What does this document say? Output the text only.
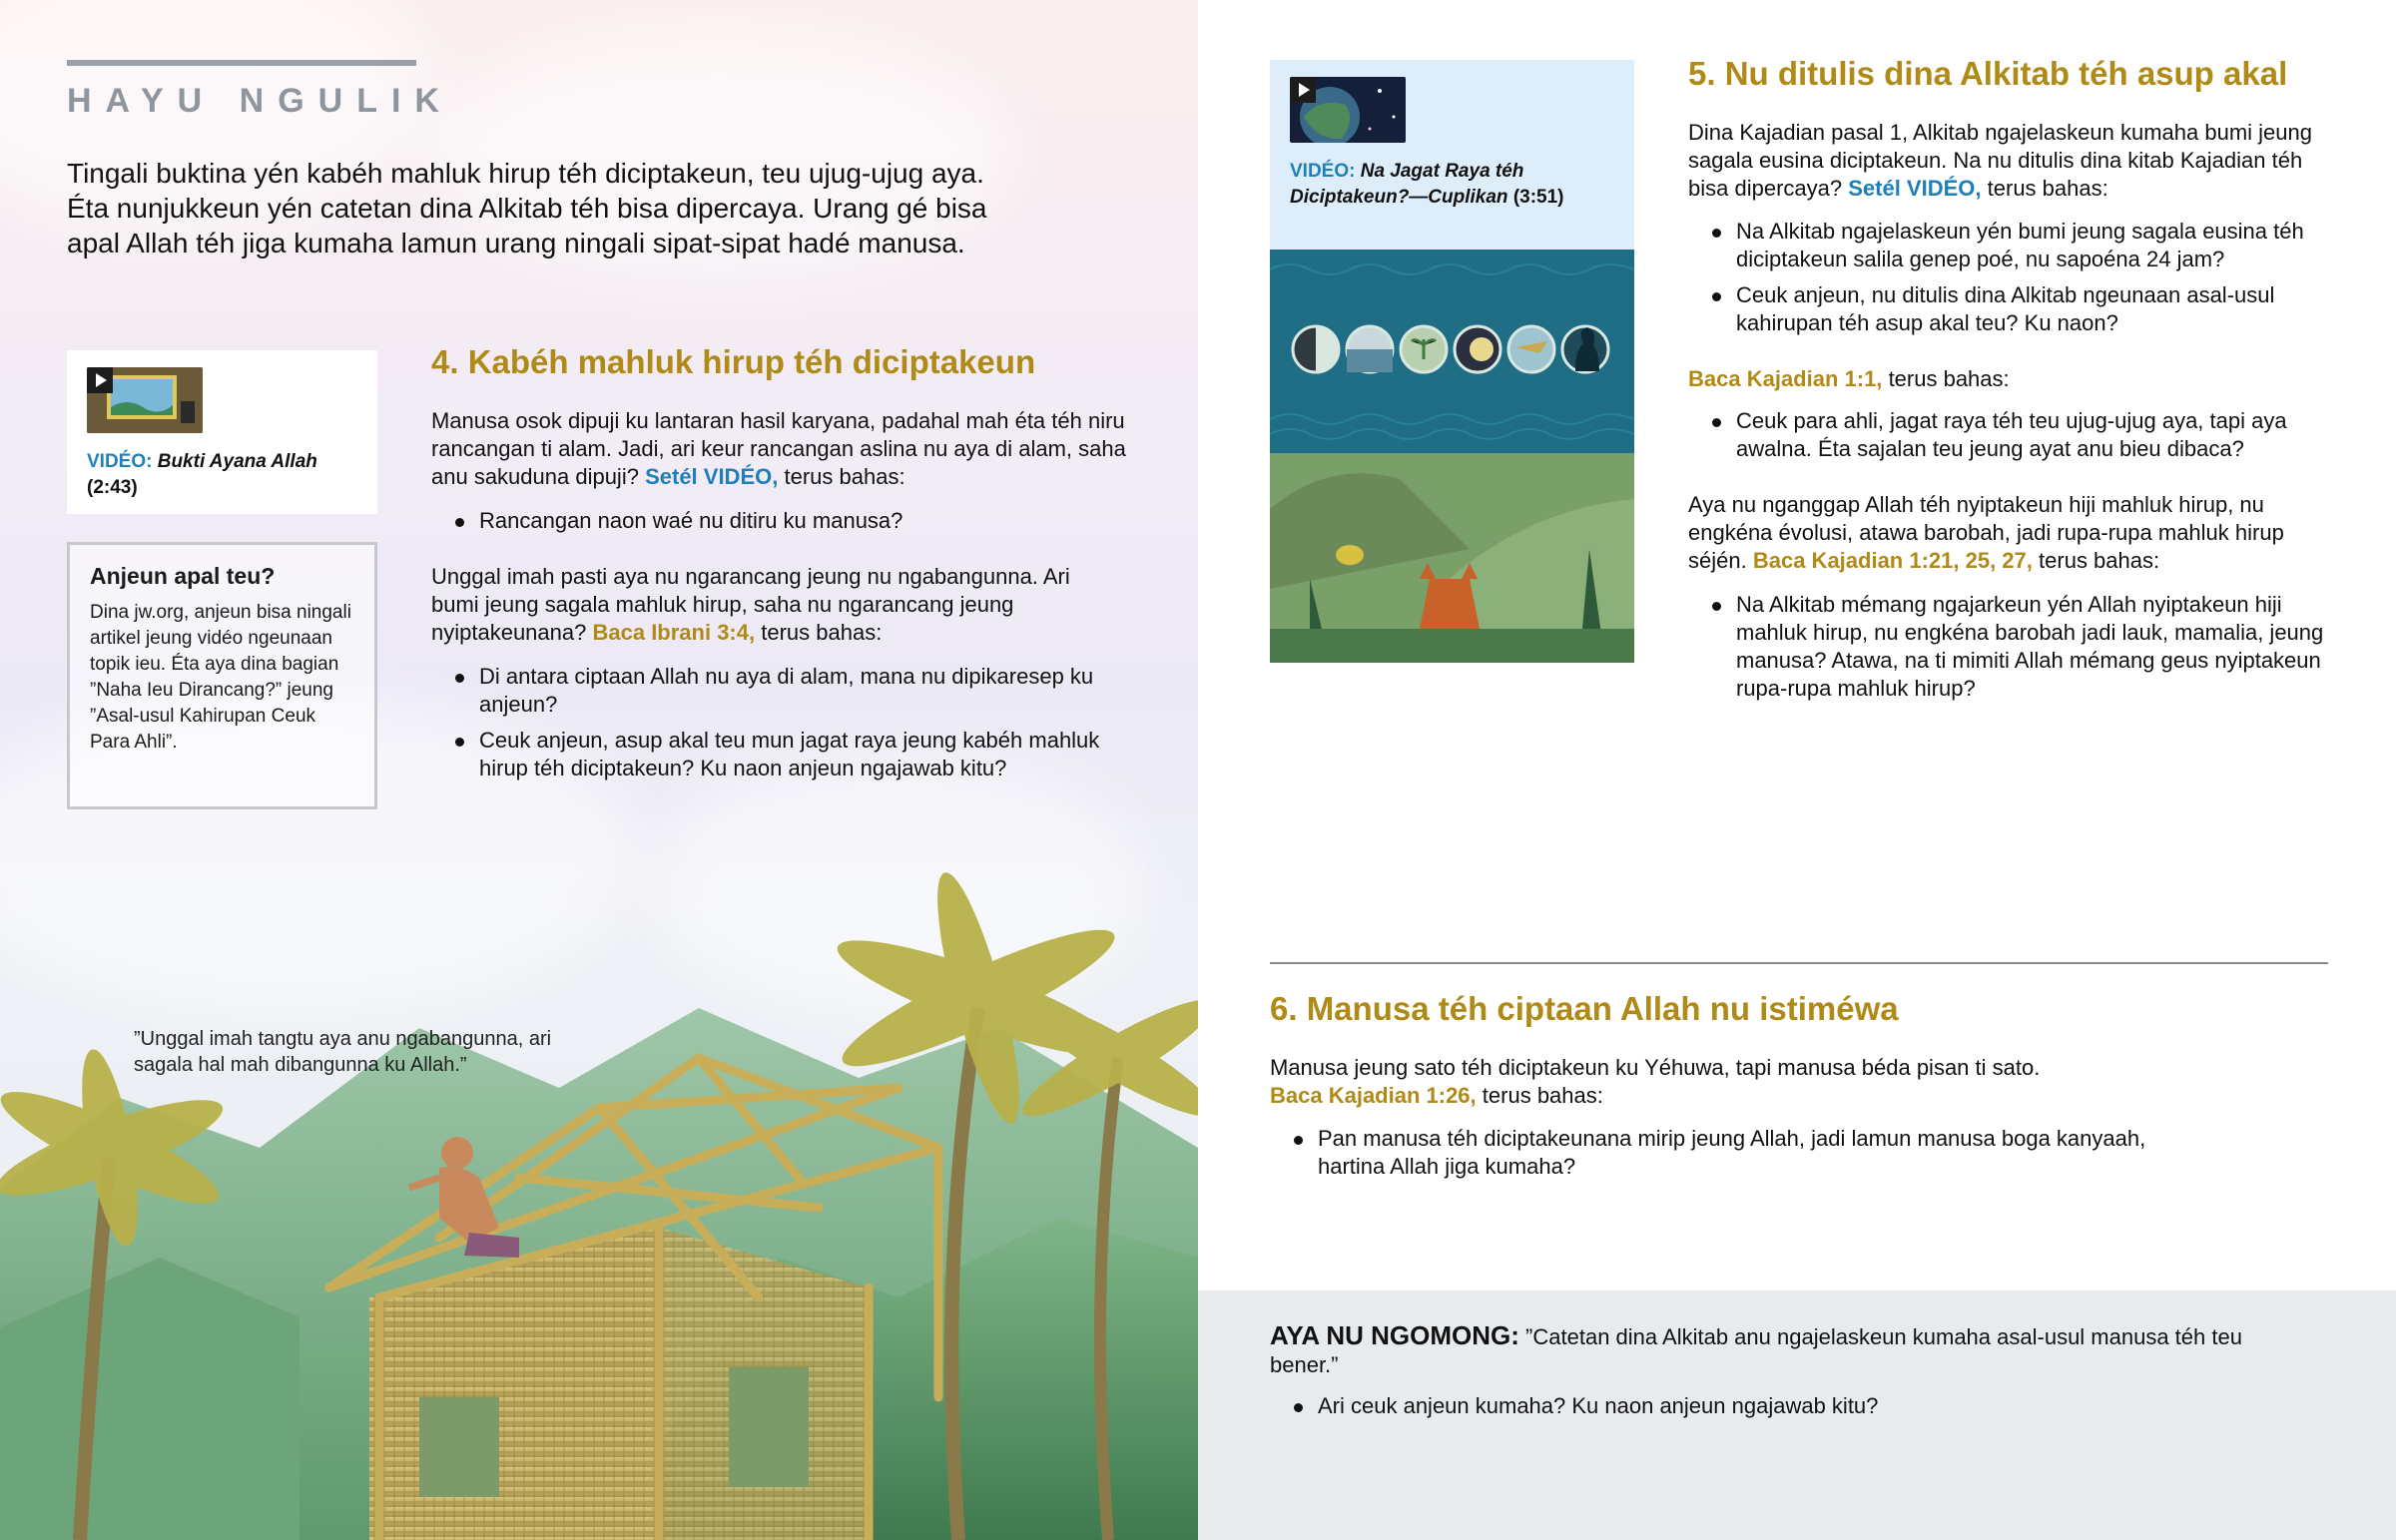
HAYU NGULIK
Tingali buktina yén kabéh mahluk hirup téh diciptakeun, teu ujug-ujug aya. Éta nunjukkeun yén catetan dina Alkitab téh bisa dipercaya. Urang gé bisa apal Allah téh jiga kumaha lamun urang ningali sipat-sipat hadé manusa.
VIDÉO: Bukti Ayana Allah
(2:43)
Anjeun apal teu?

Dina jw.org, anjeun bisa ningali artikel jeung vidéo ngeunaan topik ieu. Éta aya dina bagian ”Naha Ieu Dirancang?” jeung ”Asal-usul Kahirupan Ceuk Para Ahli”.

4. Kabéh mahluk hirup téh diciptakeun
Manusa osok dipuji ku lantaran hasil karyana, padahal mah éta téh niru rancangan ti alam. Jadi, ari keur rancangan aslina nu aya di alam, saha anu sakuduna dipuji? Setél VIDÉO, terus bahas:
Rancangan naon waé nu ditiru ku manusa?
Unggal imah pasti aya nu ngarancang jeung nu ngabangunna. Ari bumi jeung sagala mahluk hirup, saha nu ngarancang jeung nyiptakeunana? Baca Ibrani 3:4, terus bahas:
Di antara ciptaan Allah nu aya di alam, mana nu dipikaresep ku anjeun?
Ceuk anjeun, asup akal teu mun jagat raya jeung kabéh mahluk hirup téh diciptakeun? Ku naon anjeun ngajawab kitu?
”Unggal imah tangtu aya anu ngabangunna, ari sagala hal mah dibangunna ku Allah.”
VIDÉO: Na Jagat Raya téh Diciptakeun?—Cuplikan (3:51)
5. Nu ditulis dina Alkitab téh asup akal
Dina Kajadian pasal 1, Alkitab ngajelaskeun kumaha bumi jeung sagala eusina diciptakeun. Na nu ditulis dina kitab Kajadian téh bisa dipercaya? Setél VIDÉO, terus bahas:
Na Alkitab ngajelaskeun yén bumi jeung sagala eusina téh diciptakeun salila genep poé, nu sapoéna 24 jam?
Ceuk anjeun, nu ditulis dina Alkitab ngeunaan asal-usul kahirupan téh asup akal teu? Ku naon?
Baca Kajadian 1:1, terus bahas:
Ceuk para ahli, jagat raya téh teu ujug-ujug aya, tapi aya awalna. Éta sajalan teu jeung ayat anu bieu dibaca?
Aya nu nganggap Allah téh nyiptakeun hiji mahluk hirup, nu engkéna évolusi, atawa barobah, jadi rupa-rupa mahluk hirup séjén. Baca Kajadian 1:21, 25, 27, terus bahas:
Na Alkitab mémang ngajarkeun yén Allah nyiptakeun hiji mahluk hirup, nu engkéna barobah jadi lauk, mamalia, jeung manusa? Atawa, na ti mimiti Allah mémang geus nyiptakeun rupa-rupa mahluk hirup?
6. Manusa téh ciptaan Allah nu istiméwa
Manusa jeung sato téh diciptakeun ku Yéhuwa, tapi manusa béda pisan ti sato.
Baca Kajadian 1:26, terus bahas:
Pan manusa téh diciptakeunana mirip jeung Allah, jadi lamun manusa boga kanyaah, hartina Allah jiga kumaha?
AYA NU NGOMONG: ”Catetan dina Alkitab anu ngajelaskeun kumaha asal-usul manusa téh teu bener.”
Ari ceuk anjeun kumaha? Ku naon anjeun ngajawab kitu?
